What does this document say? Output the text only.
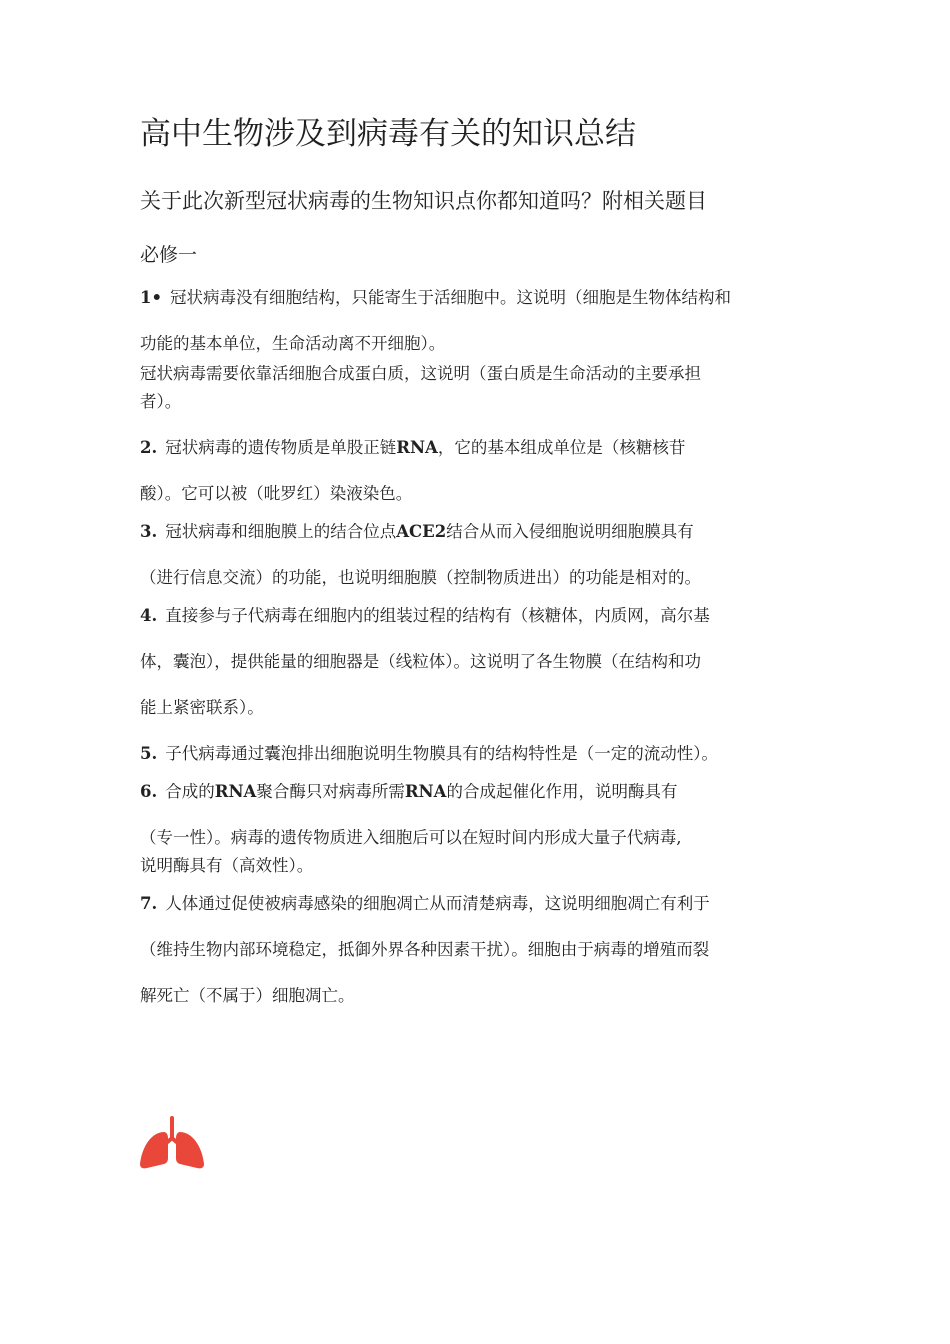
高中生物涉及到病毒有关的知识总结
关于此次新型冠状病毒的生物知识点你都知道吗？附相关题目
必修一

1• 冠状病毒没有细胞结构，只能寄生于活细胞中。这说明（细胞是生物体结构和

功能的基本单位，生命活动离不开细胞）。

冠状病毒需要依靠活细胞合成蛋白质，这说明（蛋白质是生命活动的主要承担

者）。

2. 冠状病毒的遗传物质是单股正链RNA，它的基本组成单位是（核糖核苷

酸）。它可以被（吡罗红）染液染色。

3. 冠状病毒和细胞膜上的结合位点ACE2结合从而入侵细胞说明细胞膜具有

（进行信息交流）的功能，也说明细胞膜（控制物质进出）的功能是相对的。

4. 直接参与子代病毒在细胞内的组装过程的结构有（核糖体，内质网，高尔基

体，囊泡），提供能量的细胞器是（线粒体）。这说明了各生物膜（在结构和功

能上紧密联系）。

5. 子代病毒通过囊泡排出细胞说明生物膜具有的结构特性是（一定的流动性）。

6. 合成的RNA聚合酶只对病毒所需RNA的合成起催化作用，说明酶具有

（专一性）。病毒的遗传物质进入细胞后可以在短时间内形成大量子代病毒,

说明酶具有（高效性）。

7. 人体通过促使被病毒感染的细胞凋亡从而清楚病毒，这说明细胞凋亡有利于

（维持生物内部环境稳定，抵御外界各种因素干扰）。细胞由于病毒的增殖而裂

解死亡（不属于）细胞凋亡。
